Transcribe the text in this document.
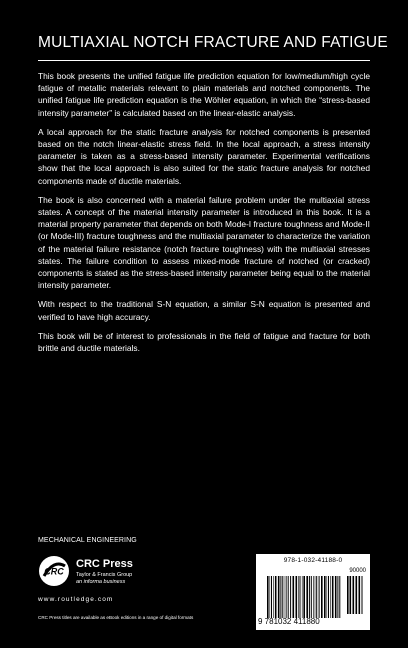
MULTIAXIAL NOTCH FRACTURE AND FATIGUE

This book presents the unified fatigue life prediction equation for low/medium/high cycle fatigue of metallic materials relevant to plain materials and notched components. The unified fatigue life prediction equation is the Wöhler equation, in which the “stress-based intensity parameter” is calculated based on the linear-elastic analysis.

A local approach for the static fracture analysis for notched components is presented based on the notch linear-elastic stress field. In the local approach, a stress intensity parameter is taken as a stress-based intensity parameter. Experimental verifications show that the local approach is also suited for the static fracture analysis for notched components made of ductile materials.

The book is also concerned with a material failure problem under the multiaxial stress states. A concept of the material intensity parameter is introduced in this book. It is a material property parameter that depends on both Mode-I fracture toughness and Mode-II (or Mode-III) fracture toughness and the multiaxial parameter to characterize the variation of the material failure resistance (notch fracture toughness) with the multiaxial stresses states. The failure condition to assess mixed-mode fracture of notched (or cracked) components is stated as the stress-based intensity parameter being equal to the material intensity parameter.

With respect to the traditional S-N equation, a similar S-N equation is presented and verified to have high accuracy.

This book will be of interest to professionals in the field of fatigue and fracture for both brittle and ductile materials.

MECHANICAL ENGINEERING
CRC
CRC Press
Taylor & Francis Group
an informa business
www.routledge.com
CRC Press titles are available as eBook editions in a range of digital formats
978-1-032-41188-0
90000
9 781032 411880
